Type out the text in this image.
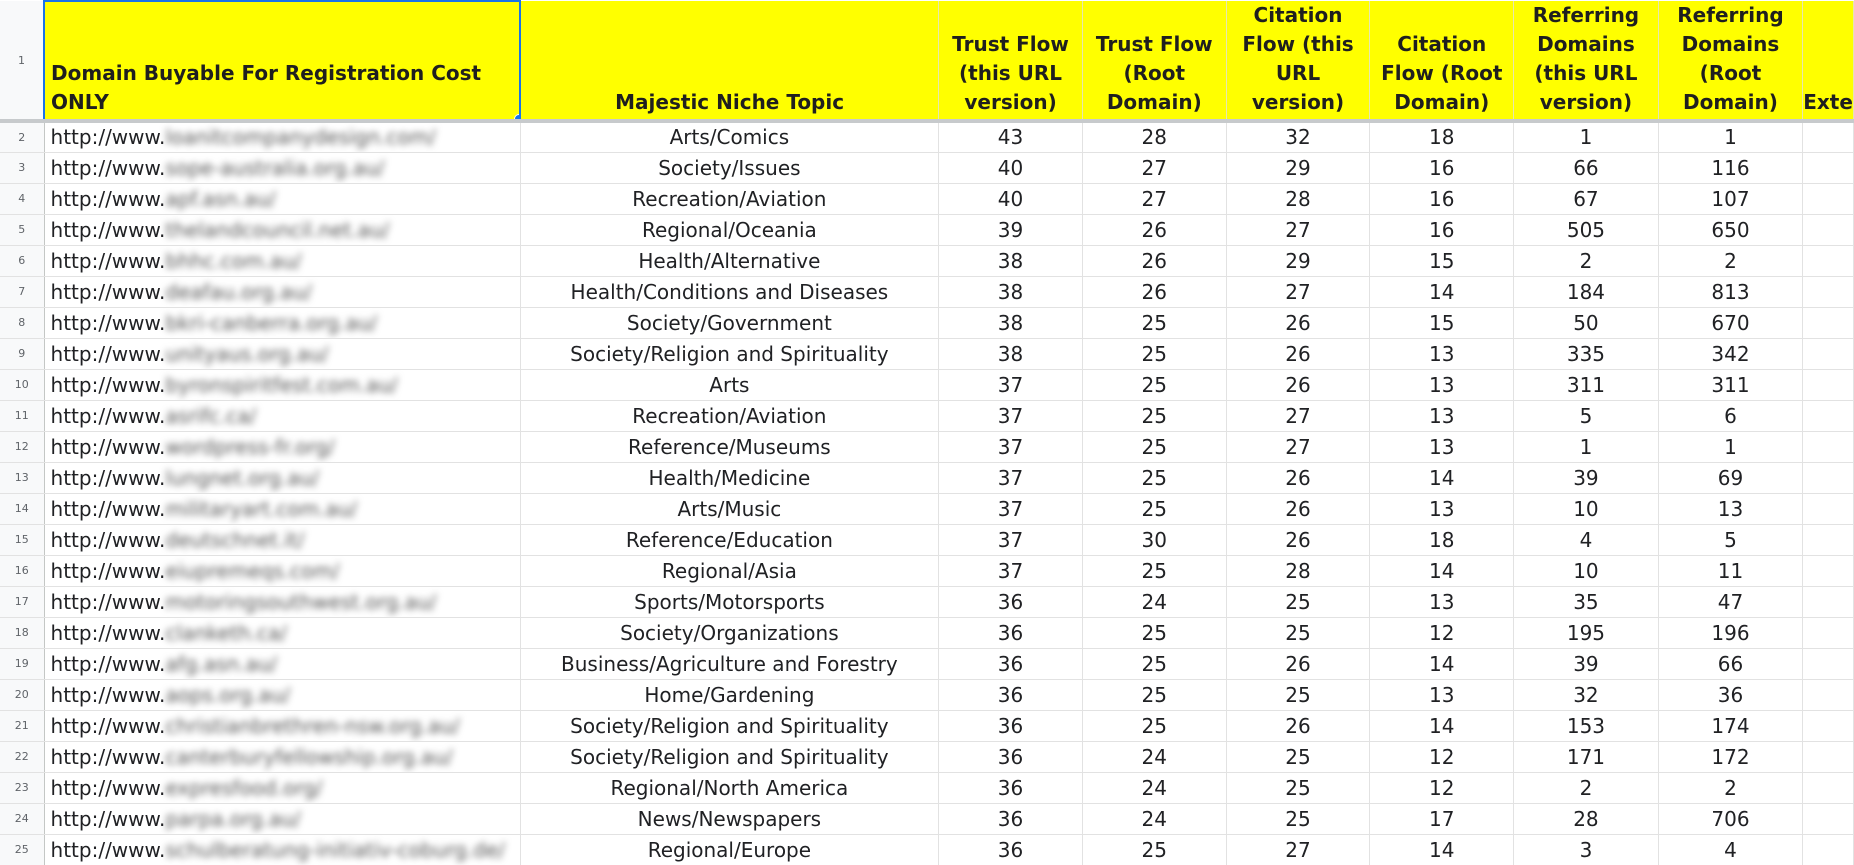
1	Domain Buyable For Registration Cost ONLY	Majestic Niche Topic	Trust Flow (this URL version)	Trust Flow (Root Domain)	Citation Flow (this URL version)	Citation Flow (Root Domain)	Referring Domains (this URL version)	Referring Domains (Root Domain)	Exte
2	http://www.loanitcompanydesign.com/	Arts/Comics	43	28	32	18	1	1	
3	http://www.sope-australia.org.au/	Society/Issues	40	27	29	16	66	116	
4	http://www.apf.asn.au/	Recreation/Aviation	40	27	28	16	67	107	
5	http://www.thelandcouncil.net.au/	Regional/Oceania	39	26	27	16	505	650	
6	http://www.bhhc.com.au/	Health/Alternative	38	26	29	15	2	2	
7	http://www.deafau.org.au/	Health/Conditions and Diseases	38	26	27	14	184	813	
8	http://www.bkri-canberra.org.au/	Society/Government	38	25	26	15	50	670	
9	http://www.unityaus.org.au/	Society/Religion and Spirituality	38	25	26	13	335	342	
10	http://www.byronspiritfest.com.au/	Arts	37	25	26	13	311	311	
11	http://www.asrifc.ca/	Recreation/Aviation	37	25	27	13	5	6	
12	http://www.wordpress-fr.org/	Reference/Museums	37	25	27	13	1	1	
13	http://www.lungnet.org.au/	Health/Medicine	37	25	26	14	39	69	
14	http://www.militaryart.com.au/	Arts/Music	37	25	26	13	10	13	
15	http://www.deutschnet.it/	Reference/Education	37	30	26	18	4	5	
16	http://www.eiupremeqs.com/	Regional/Asia	37	25	28	14	10	11	
17	http://www.motoringsouthwest.org.au/	Sports/Motorsports	36	24	25	13	35	47	
18	http://www.clanketh.ca/	Society/Organizations	36	25	25	12	195	196	
19	http://www.afg.asn.au/	Business/Agriculture and Forestry	36	25	26	14	39	66	
20	http://www.aops.org.au/	Home/Gardening	36	25	25	13	32	36	
21	http://www.christianbrethren-nsw.org.au/	Society/Religion and Spirituality	36	25	26	14	153	174	
22	http://www.canterburyfellowship.org.au/	Society/Religion and Spirituality	36	24	25	12	171	172	
23	http://www.expresfood.org/	Regional/North America	36	24	25	12	2	2	
24	http://www.parpa.org.au/	News/Newspapers	36	24	25	17	28	706	
25	http://www.schulberatung-initiativ-coburg.de/	Regional/Europe	36	25	27	14	3	4	
